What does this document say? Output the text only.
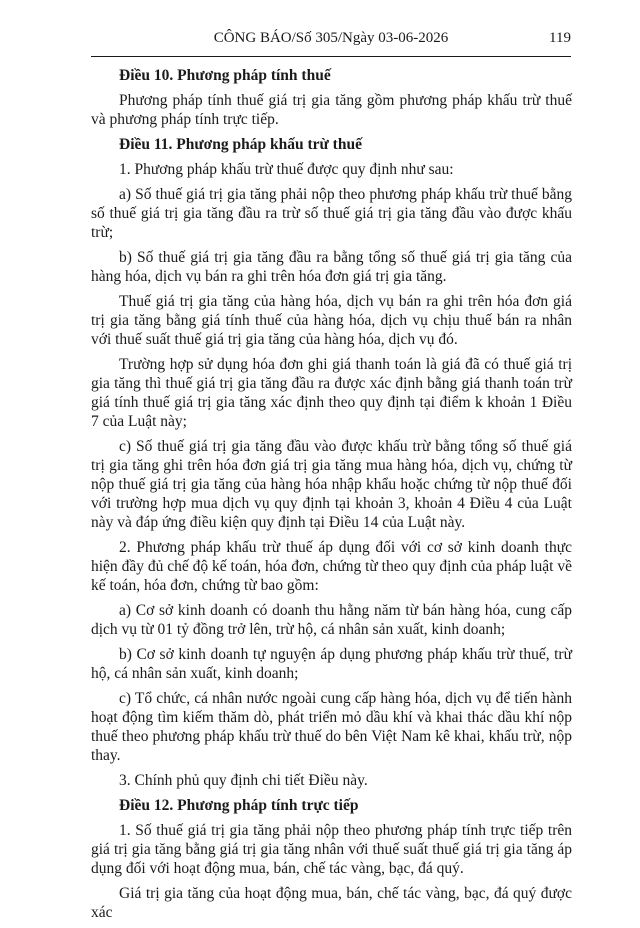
CÔNG BÁO/Số 305/Ngày 03-06-2026	119

Điều 10. Phương pháp tính thuế

Phương pháp tính thuế giá trị gia tăng gồm phương pháp khấu trừ thuế và phương pháp tính trực tiếp.

Điều 11. Phương pháp khấu trừ thuế

1. Phương pháp khấu trừ thuế được quy định như sau:

a) Số thuế giá trị gia tăng phải nộp theo phương pháp khấu trừ thuế bằng số thuế giá trị gia tăng đầu ra trừ số thuế giá trị gia tăng đầu vào được khấu trừ;

b) Số thuế giá trị gia tăng đầu ra bằng tổng số thuế giá trị gia tăng của hàng hóa, dịch vụ bán ra ghi trên hóa đơn giá trị gia tăng.

Thuế giá trị gia tăng của hàng hóa, dịch vụ bán ra ghi trên hóa đơn giá trị gia tăng bằng giá tính thuế của hàng hóa, dịch vụ chịu thuế bán ra nhân với thuế suất thuế giá trị gia tăng của hàng hóa, dịch vụ đó.

Trường hợp sử dụng hóa đơn ghi giá thanh toán là giá đã có thuế giá trị gia tăng thì thuế giá trị gia tăng đầu ra được xác định bằng giá thanh toán trừ giá tính thuế giá trị gia tăng xác định theo quy định tại điểm k khoản 1 Điều 7 của Luật này;

c) Số thuế giá trị gia tăng đầu vào được khấu trừ bằng tổng số thuế giá trị gia tăng ghi trên hóa đơn giá trị gia tăng mua hàng hóa, dịch vụ, chứng từ nộp thuế giá trị gia tăng của hàng hóa nhập khẩu hoặc chứng từ nộp thuế đối với trường hợp mua dịch vụ quy định tại khoản 3, khoản 4 Điều 4 của Luật này và đáp ứng điều kiện quy định tại Điều 14 của Luật này.

2. Phương pháp khấu trừ thuế áp dụng đối với cơ sở kinh doanh thực hiện đầy đủ chế độ kế toán, hóa đơn, chứng từ theo quy định của pháp luật về kế toán, hóa đơn, chứng từ bao gồm:

a) Cơ sở kinh doanh có doanh thu hằng năm từ bán hàng hóa, cung cấp dịch vụ từ 01 tỷ đồng trở lên, trừ hộ, cá nhân sản xuất, kinh doanh;

b) Cơ sở kinh doanh tự nguyện áp dụng phương pháp khấu trừ thuế, trừ hộ, cá nhân sản xuất, kinh doanh;

c) Tổ chức, cá nhân nước ngoài cung cấp hàng hóa, dịch vụ để tiến hành hoạt động tìm kiếm thăm dò, phát triển mỏ dầu khí và khai thác dầu khí nộp thuế theo phương pháp khấu trừ thuế do bên Việt Nam kê khai, khấu trừ, nộp thay.

3. Chính phủ quy định chi tiết Điều này.

Điều 12. Phương pháp tính trực tiếp

1. Số thuế giá trị gia tăng phải nộp theo phương pháp tính trực tiếp trên giá trị gia tăng bằng giá trị gia tăng nhân với thuế suất thuế giá trị gia tăng áp dụng đối với hoạt động mua, bán, chế tác vàng, bạc, đá quý.

Giá trị gia tăng của hoạt động mua, bán, chế tác vàng, bạc, đá quý được xác
